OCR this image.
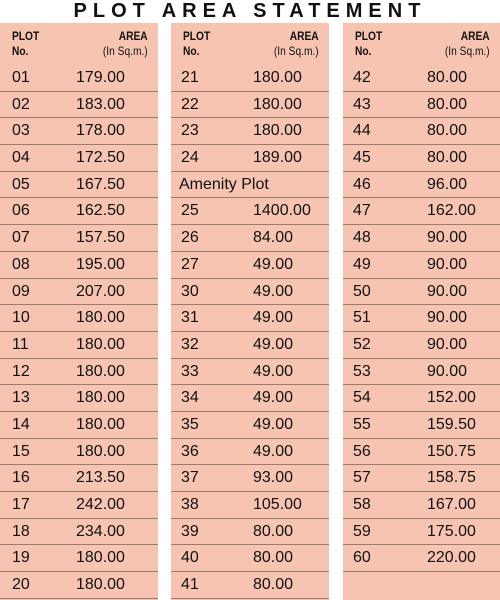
PLOT AREA STATEMENT
PLOT
No.
AREA
(In Sq.m.)
01	179.00
02	183.00
03	178.00
04	172.50
05	167.50
06	162.50
07	157.50
08	195.00
09	207.00
10	180.00
11	180.00
12	180.00
13	180.00
14	180.00
15	180.00
16	213.50
17	242.00
18	234.00
19	180.00
20	180.00
PLOT
No.
AREA
(In Sq.m.)
21	180.00
22	180.00
23	180.00
24	189.00
Amenity Plot
25	1400.00
26	84.00
27	49.00
30	49.00
31	49.00
32	49.00
33	49.00
34	49.00
35	49.00
36	49.00
37	93.00
38	105.00
39	80.00
40	80.00
41	80.00
PLOT
No.
AREA
(In Sq.m.)
42	80.00
43	80.00
44	80.00
45	80.00
46	96.00
47	162.00
48	90.00
49	90.00
50	90.00
51	90.00
52	90.00
53	90.00
54	152.00
55	159.50
56	150.75
57	158.75
58	167.00
59	175.00
60	220.00
